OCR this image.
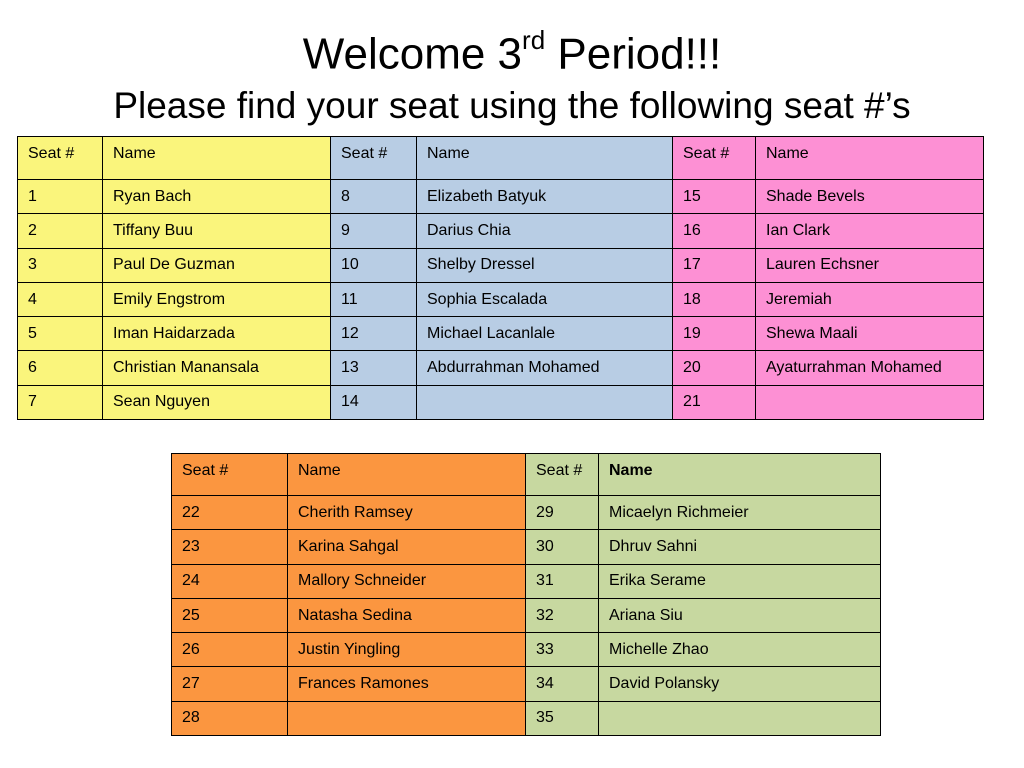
Welcome 3rd Period!!!
Please find your seat using the following seat #’s
Seat #	Name	Seat #	Name	Seat #	Name
1	Ryan Bach	8	Elizabeth Batyuk	15	Shade Bevels
2	Tiffany Buu	9	Darius Chia	16	Ian Clark
3	Paul De Guzman	10	Shelby Dressel	17	Lauren Echsner
4	Emily Engstrom	11	Sophia Escalada	18	Jeremiah
5	Iman Haidarzada	12	Michael Lacanlale	19	Shewa Maali
6	Christian Manansala	13	Abdurrahman Mohamed	20	Ayaturrahman Mohamed
7	Sean Nguyen	14		21	
Seat #	Name	Seat #	Name
22	Cherith Ramsey	29	Micaelyn Richmeier
23	Karina Sahgal	30	Dhruv Sahni
24	Mallory Schneider	31	Erika Serame
25	Natasha Sedina	32	Ariana Siu
26	Justin Yingling	33	Michelle Zhao
27	Frances Ramones	34	David Polansky
28		35	
